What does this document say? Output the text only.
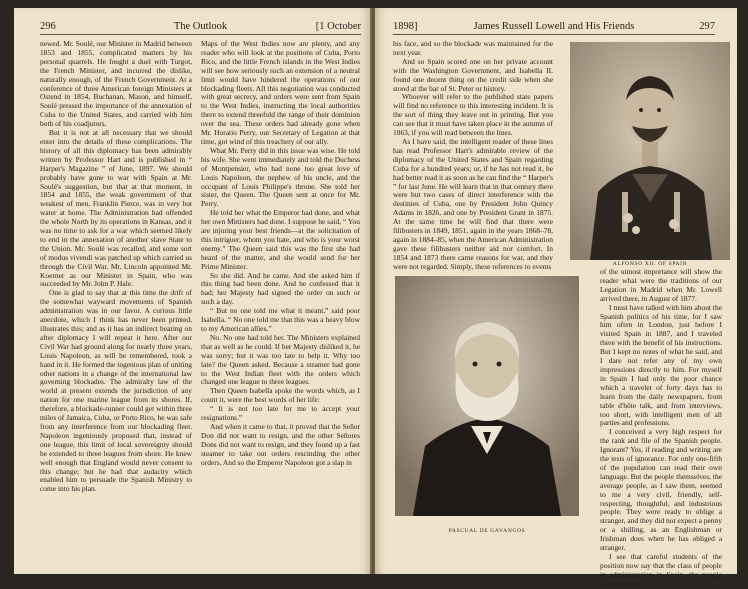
296	The Outlook	[1 October

newed. Mr. Soulé, our Minister in Madrid between 1853 and 1855, complicated matters by his personal quarrels. He fought a duel with Turgot, the French Minister, and incurred the dislike, naturally enough, of the French Government. At a conference of three American foreign Ministers at Ostend in 1854, Buchanan, Mason, and himself, Soulé pressed the importance of the annexation of Cuba to the United States, and carried with him both of his coadjutors.

But it is not at all necessary that we should enter into the details of these complications. The history of all this diplomacy has been admirably written by Professor Hart and is published in “ Harper's Magazine ” of June, 1897. We should probably have gone to war with Spain at Mr. Soulé's suggestion, but that at that moment, in 1854 and 1855, the weak government of that weakest of men, Franklin Pierce, was in very hot water at home. The Administration had offended the whole North by its operations in Kansas, and it was no time to ask for a war which seemed likely to end in the annexation of another slave State to the Union. Mr. Soulé was recalled, and some sort of modus vivendi was patched up which carried us through the Civil War. Mr. Lincoln appointed Mr. Koerner as our Minister in Spain, who was succeeded by Mr. John P. Hale.

One is glad to say that at this time the drift of the somewhat wayward movements of Spanish administration was in our favor. A curious little anecdote, which I think has never been printed, illustrates this; and as it has an indirect bearing on after diplomacy I will repeat it here. After our Civil War had ground along for nearly three years, Louis Napoleon, as will be remembered, took a hand in it. He formed the ingenious plan of uniting other nations in a change of the international law governing blockades. The admiralty law of the world at present extends the jurisdiction of any nation for one marine league from its shores. If, therefore, a blockade-runner could get within three miles of Jamaica, Cuba, or Porto Rico, he was safe from any interference from our blockading fleet. Napoleon ingeniously proposed that, instead of one league, this limit of local sovereignty should be extended to three leagues from shore. He knew well enough that England would never consent to this change; but he had that audacity which enabled him to persuade the Spanish Ministry to come into his plan.

Maps of the West Indies now are plenty, and any reader who will look at the positions of Cuba, Porto Rico, and the little French islands in the West Indies will see how seriously such an extension of a neutral limit would have hindered the operations of our blockading fleets. All this negotiation was conducted with great secrecy, and orders were sent from Spain to the West Indies, instructing the local authorities there to extend threefold the range of their dominion over the sea. These orders had already gone when Mr. Horatio Perry, our Secretary of Legation at that time, got wind of this treachery of our ally.

What Mr. Perry did in this issue was wise. He told his wife. She went immediately and told the Duchess of Montpensier, who had none too great love of Louis Napoleon, the nephew of his uncle, and the occupant of Louis Philippe's throne. She told her sister, the Queen. The Queen sent at once for Mr. Perry.

He told her what the Emperor had done, and what her own Ministers had done. I suppose he said, “ You are injuring your best friends—at the solicitation of this intriguer, whom you hate, and who is your worst enemy.” The Queen said this was the first she had heard of the matter, and she would send for her Prime Minister.

So she did. And he came. And she asked him if this thing had been done. And he confessed that it had; her Majesty had signed the order on such or such a day.

“ But no one told me what it meant,” said poor Isabella. “ No one told me that this was a heavy blow to my American allies.”

No. No one had told her. The Ministers explained that as well as he could. If her Majesty disliked it, he was sorry; but it was too late to help it. Why too late? the Queen asked. Because a steamer had gone to the West Indian fleet with the orders which changed one league to three leagues.

Then Queen Isabella spoke the words which, as I count it, were the best words of her life:

“ It is not too late for me to accept your resignations.”

And when it came to that, it proved that the Señor Don did not want to resign, and the other Señores Dons did not want to resign, and they found up a fast steamer to take out orders rescinding the other orders. And so the Emperor Napoleon got a slap in

1898]	James Russell Lowell and His Friends	297

his face, and so the blockade was maintained for the next year.

And so Spain scored one on her private account with the Washington Government, and Isabella II. found one decent thing on the credit side when she stood at the bar of St. Peter or history.

Whoever will refer to the published state papers will find no reference to this interesting incident. It is the sort of thing they leave out in printing. But you can see that it must have taken place in the autumn of 1863, if you will read between the lines.

As I have said, the intelligent reader of these lines has read Professor Hart's admirable review of the diplomacy of the United States and Spain regarding Cuba for a hundred years; or, if he has not read it, he had better read it as soon as he can find the “ Harper's ” for last June. He will learn that in that century there were but two cases of direct interference with the destinies of Cuba, one by President John Quincy Adams in 1826, and one by President Grant in 1875. At the same time he will find that there were filibusters in 1849, 1851, again in the years 1868–78, again in 1884–85, when the American Administration gave these filibusters neither aid nor comfort. In 1854 and 1873 there came reasons for war, and they were not regarded. Simply, these references to events	ALFONSO XII. OF SPAIN
PASCUAL DE GAYANGOS

of the utmost importance will show the reader what were the traditions of our Legation in Madrid when Mr. Lowell arrived there, in August of 1877.

I must have talked with him about the Spanish politics of his time, for I saw him often in London, just before I visited Spain in 1887, and I traveled there with the benefit of his instructions. But I kept no notes of what he said, and I dare not refer any of my own impressions directly to him. For myself in Spain I had only the poor chance which a traveler of forty days has to learn from the daily newspapers, from table d'hôte talk, and from interviews, too short, with intelligent men of all parties and professions.

I conceived a very high respect for the rank and file of the Spanish people. Ignorant? Yes, if reading and writing are the tests of ignorance. For only one-fifth of the population can read their own language. But the people themselves, the average people, as I saw them, seemed to me a very civil, friendly, self-respecting, thoughtful, and industrious people. They were ready to oblige a stranger, and they did not expect a penny or a shilling, as an Englishman or Irishman does when he has obliged a stranger.

I see that careful students of the position now say that the class of people in administration in Spain, the people who make and
